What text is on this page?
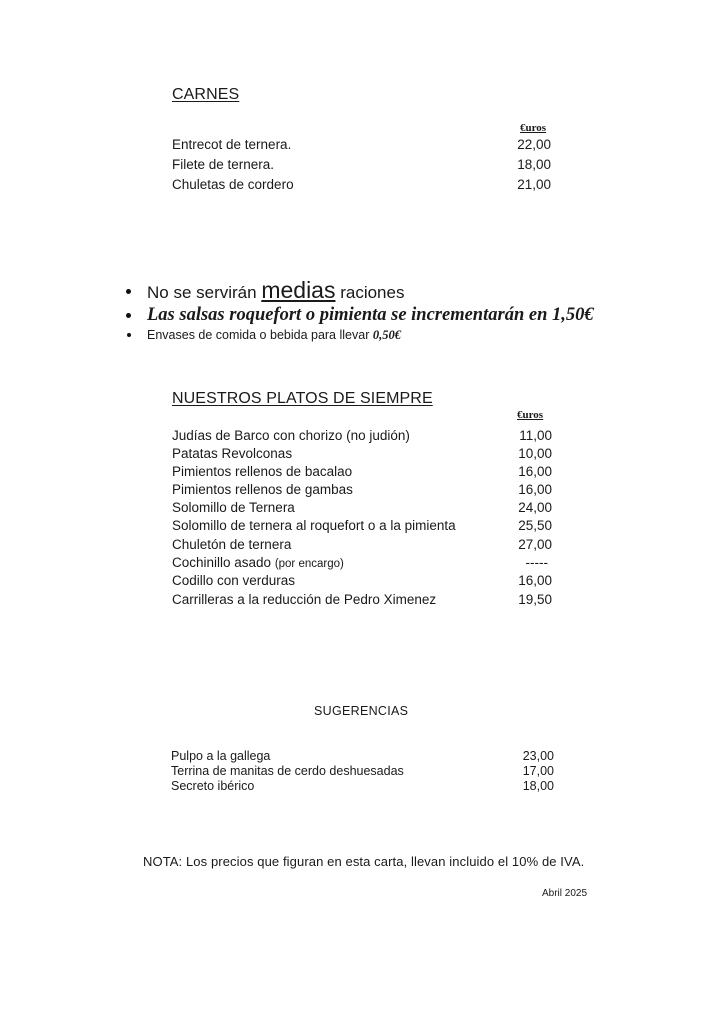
CARNES
€uros
Entrecot de ternera.	22,00
Filete de ternera.	18,00
Chuletas de cordero	21,00
No se servirán medias raciones
Las salsas roquefort o pimienta se incrementarán en 1,50€
Envases de comida o bebida para llevar 0,50€
NUESTROS PLATOS DE SIEMPRE
€uros
Judías de Barco con chorizo (no judión)	11,00
Patatas Revolconas	10,00
Pimientos rellenos de bacalao	16,00
Pimientos rellenos de gambas	16,00
Solomillo de Ternera	24,00
Solomillo de ternera al roquefort o a la pimienta	25,50
Chuletón de ternera	27,00
Cochinillo asado (por encargo)	-----
Codillo con verduras	16,00
Carrilleras a la reducción de Pedro Ximenez	19,50
SUGERENCIAS
Pulpo a la gallega	23,00
Terrina de manitas de cerdo deshuesadas	17,00
Secreto ibérico	18,00
NOTA: Los precios que figuran en esta carta, llevan incluido el 10% de IVA.
Abril 2025
